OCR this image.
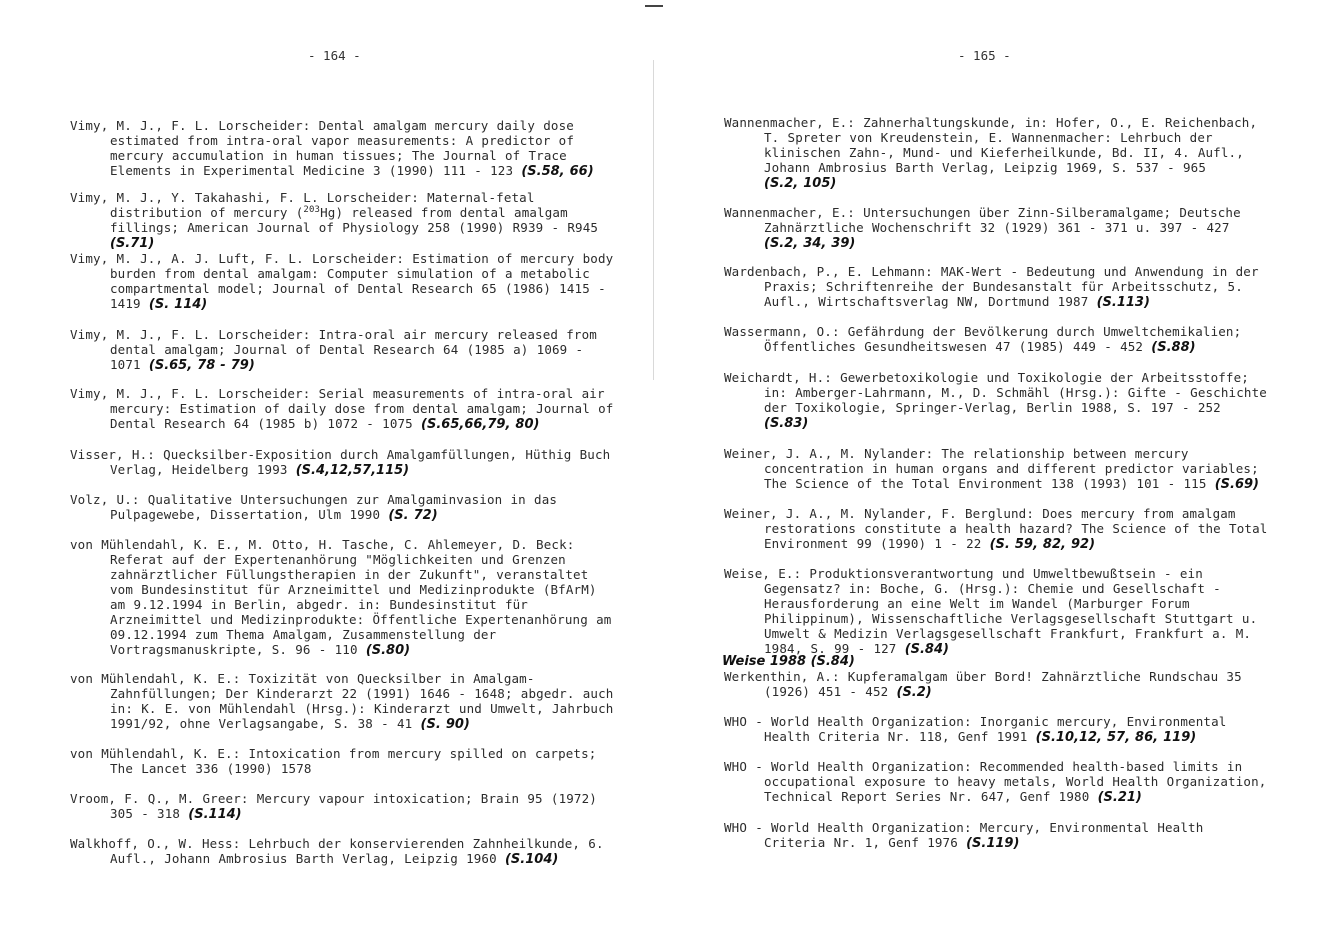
- 164 -
Vimy, M. J., F. L. Lorscheider: Dental amalgam mercury daily dose estimated from intra-oral vapor measurements: A predictor of mercury accumulation in human tissues; The Journal of Trace Elements in Experimental Medicine 3 (1990) 111 - 123 (S.58, 66)
Vimy, M. J., Y. Takahashi, F. L. Lorscheider: Maternal-fetal distribution of mercury ($^{203}$Hg) released from dental amalgam fillings; American Journal of Physiology 258 (1990) R939 - R945 (S.71)
Vimy, M. J., A. J. Luft, F. L. Lorscheider: Estimation of mercury body burden from dental amalgam: Computer simulation of a metabolic compartmental model; Journal of Dental Research 65 (1986) 1415 - 1419 (S. 114)
Vimy, M. J., F. L. Lorscheider: Intra-oral air mercury released from dental amalgam; Journal of Dental Research 64 (1985 a) 1069 - 1071 (S.65, 78 - 79)
Vimy, M. J., F. L. Lorscheider: Serial measurements of intra-oral air mercury: Estimation of daily dose from dental amalgam; Journal of Dental Research 64 (1985 b) 1072 - 1075 (S.65,66,79, 80)
Visser, H.: Quecksilber-Exposition durch Amalgamfüllungen, Hüthig Buch Verlag, Heidelberg 1993 (S.4,12,57,115)
Volz, U.: Qualitative Untersuchungen zur Amalgaminvasion in das Pulpagewebe, Dissertation, Ulm 1990 (S. 72)
von Mühlendahl, K. E., M. Otto, H. Tasche, C. Ahlemeyer, D. Beck: Referat auf der Expertenanhörung "Möglichkeiten und Grenzen zahnärztlicher Füllungstherapien in der Zukunft", veranstaltet vom Bundesinstitut für Arzneimittel und Medizinprodukte (BfArM) am 9.12.1994 in Berlin, abgedr. in: Bundesinstitut für Arzneimittel und Medizinprodukte: Öffentliche Expertenanhörung am 09.12.1994 zum Thema Amalgam, Zusammenstellung der Vortragsmanuskripte, S. 96 - 110 (S.80)
von Mühlendahl, K. E.: Toxizität von Quecksilber in Amalgam-Zahnfüllungen; Der Kinderarzt 22 (1991) 1646 - 1648; abgedr. auch in: K. E. von Mühlendahl (Hrsg.): Kinderarzt und Umwelt, Jahrbuch 1991/92, ohne Verlagsangabe, S. 38 - 41 (S. 90)
von Mühlendahl, K. E.: Intoxication from mercury spilled on carpets; The Lancet 336 (1990) 1578
Vroom, F. Q., M. Greer: Mercury vapour intoxication; Brain 95 (1972) 305 - 318 (S.114)
Walkhoff, O., W. Hess: Lehrbuch der konservierenden Zahnheilkunde, 6. Aufl., Johann Ambrosius Barth Verlag, Leipzig 1960 (S.104)
- 165 -
Wannenmacher, E.: Zahnerhaltungskunde, in: Hofer, O., E. Reichenbach, T. Spreter von Kreudenstein, E. Wannenmacher: Lehrbuch der klinischen Zahn-, Mund- und Kieferheilkunde, Bd. II, 4. Aufl., Johann Ambrosius Barth Verlag, Leipzig 1969, S. 537 - 965 (S.2, 105)
Wannenmacher, E.: Untersuchungen über Zinn-Silberamalgame; Deutsche Zahnärztliche Wochenschrift 32 (1929) 361 - 371 u. 397 - 427 (S.2, 34, 39)
Wardenbach, P., E. Lehmann: MAK-Wert - Bedeutung und Anwendung in der Praxis; Schriftenreihe der Bundesanstalt für Arbeitsschutz, 5. Aufl., Wirtschaftsverlag NW, Dortmund 1987 (S.113)
Wassermann, O.: Gefährdung der Bevölkerung durch Umweltchemikalien; Öffentliches Gesundheitswesen 47 (1985) 449 - 452 (S.88)
Weichardt, H.: Gewerbetoxikologie und Toxikologie der Arbeitsstoffe; in: Amberger-Lahrmann, M., D. Schmähl (Hrsg.): Gifte - Geschichte der Toxikologie, Springer-Verlag, Berlin 1988, S. 197 - 252 (S.83)
Weiner, J. A., M. Nylander: The relationship between mercury concentration in human organs and different predictor variables; The Science of the Total Environment 138 (1993) 101 - 115 (S.69)
Weiner, J. A., M. Nylander, F. Berglund: Does mercury from amalgam restorations constitute a health hazard? The Science of the Total Environment 99 (1990) 1 - 22 (S. 59, 82, 92)
Weise, E.: Produktionsverantwortung und Umweltbewußtsein - ein Gegensatz? in: Boche, G. (Hrsg.): Chemie und Gesellschaft - Herausforderung an eine Welt im Wandel (Marburger Forum Philippinum), Wissenschaftliche Verlagsgesellschaft Stuttgart u. Umwelt & Medizin Verlagsgesellschaft Frankfurt, Frankfurt a. M. 1984, S. 99 - 127 (S.84)
Weise 1988 (S.84)
Werkenthin, A.: Kupferamalgam über Bord! Zahnärztliche Rundschau 35 (1926) 451 - 452 (S.2)
WHO - World Health Organization: Inorganic mercury, Environmental Health Criteria Nr. 118, Genf 1991 (S.10,12, 57, 86, 119)
WHO - World Health Organization: Recommended health-based limits in occupational exposure to heavy metals, World Health Organization, Technical Report Series Nr. 647, Genf 1980 (S.21)
WHO - World Health Organization: Mercury, Environmental Health Criteria Nr. 1, Genf 1976 (S.119)
